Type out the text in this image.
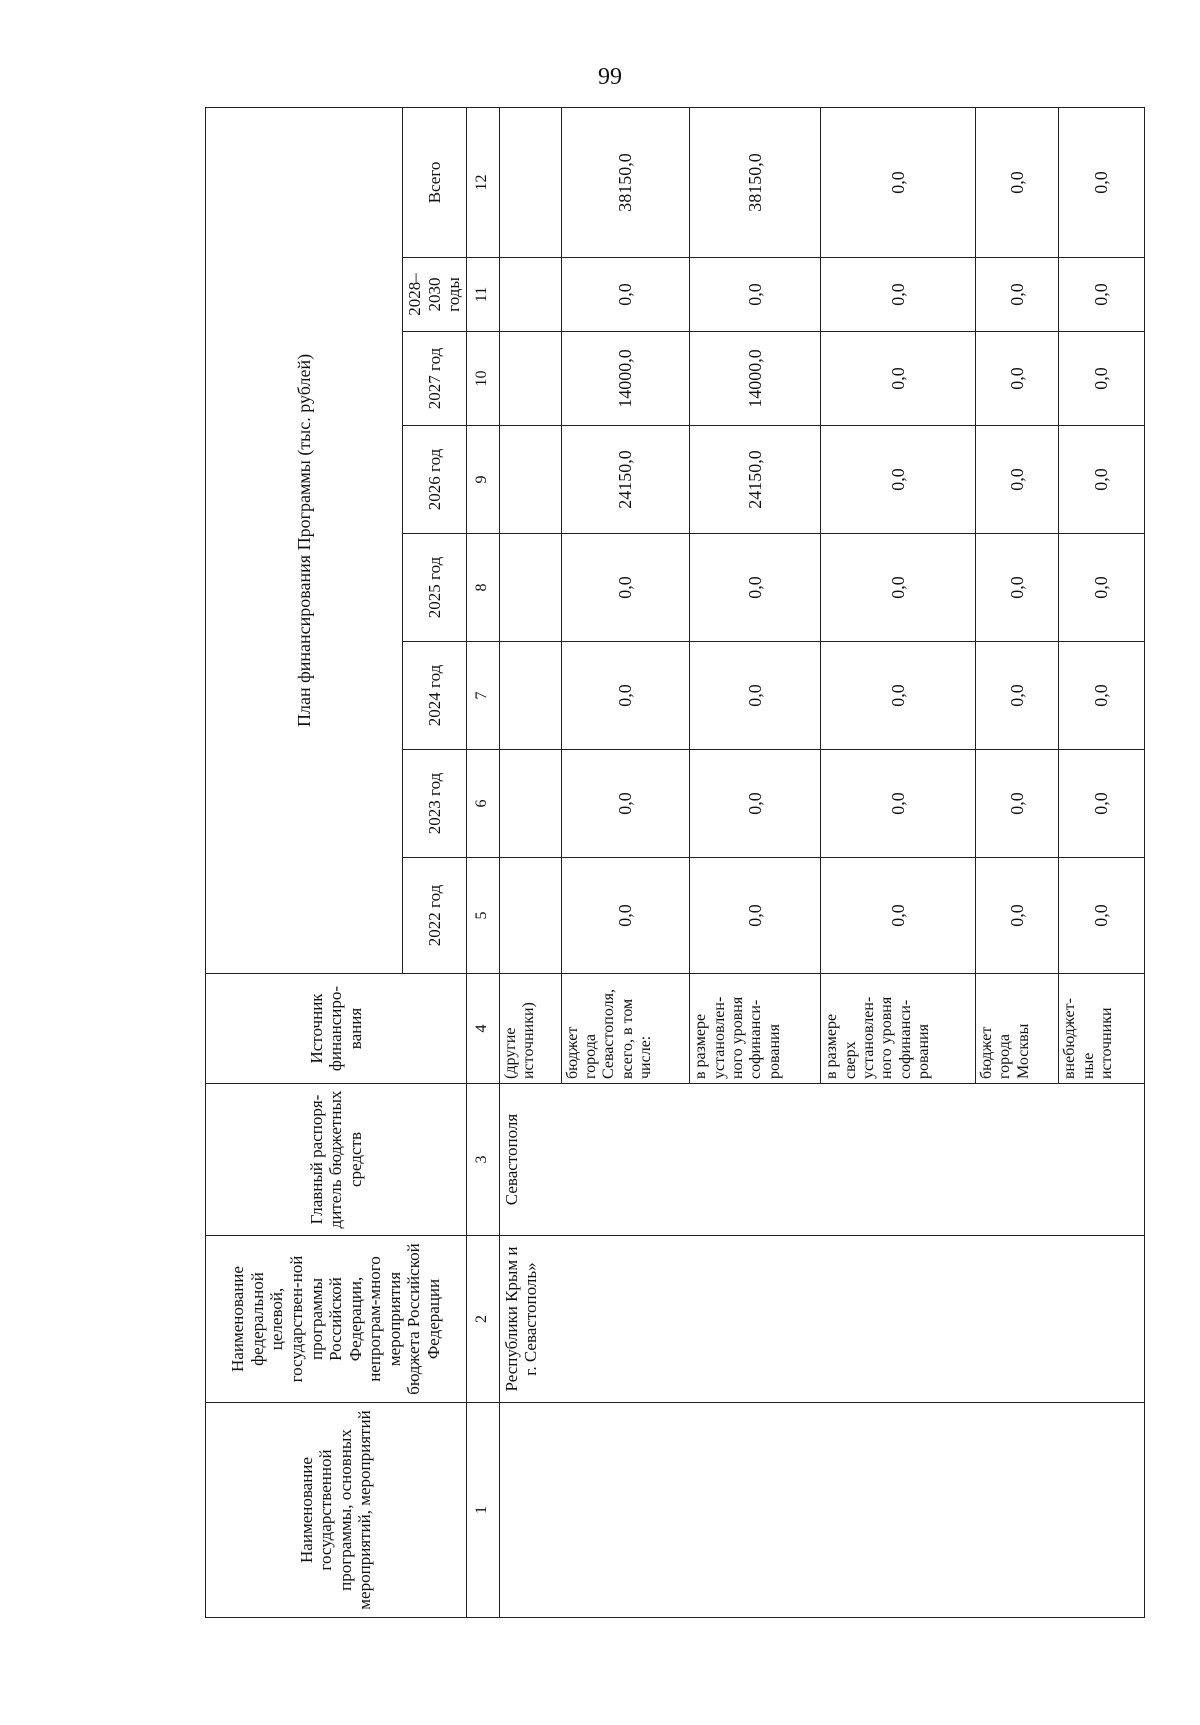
99
Наименование государственной программы, основных мероприятий, мероприятий	Наименование федеральной целевой, государствен-ной программы Российской Федерации, непрограм-много мероприятия бюджета Российской Федерации	Главный распоря-дитель бюджетных средств	Источник финансиро-вания	План финансирования Программы (тыс. рублей)							
				2022 год	2023 год	2024 год	2025 год	2026 год	2027 год	2028– 2030 годы	Всего
1	2	3	4	5	6	7	8	9	10	11	12
	Республики Крым и г. Севастополь»	Севастополя	(другие источники)								
			бюджет города Севастополя, всего, в том числе:	0,0	0,0	0,0	0,0	24150,0	14000,0	0,0	38150,0
			в размере установлен-ного уровня софинанси-рования	0,0	0,0	0,0	0,0	24150,0	14000,0	0,0	38150,0
			в размере сверх установлен-ного уровня софинанси-рования	0,0	0,0	0,0	0,0	0,0	0,0	0,0	0,0
			бюджет города Москвы	0,0	0,0	0,0	0,0	0,0	0,0	0,0	0,0
			внебюджет-ные источники	0,0	0,0	0,0	0,0	0,0	0,0	0,0	0,0
